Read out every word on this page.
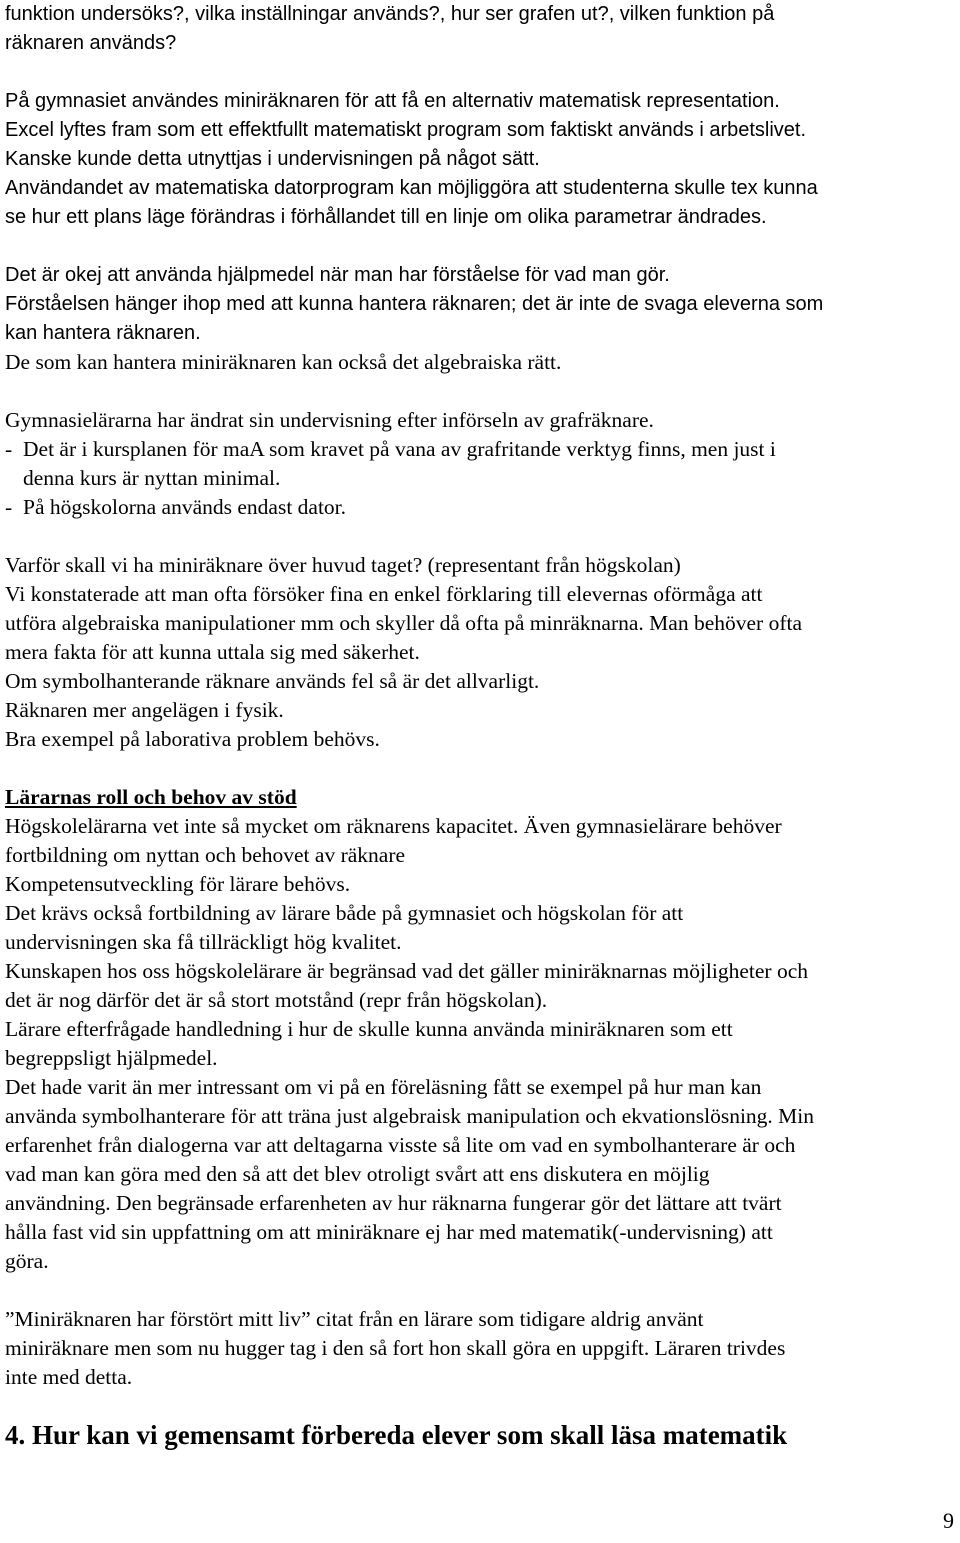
funktion undersöks?, vilka inställningar används?, hur ser grafen ut?, vilken funktion på

räknaren används?

På gymnasiet användes miniräknaren för att få en alternativ matematisk representation.

Excel lyftes fram som ett effektfullt matematiskt program som faktiskt används i arbetslivet.

Kanske kunde detta utnyttjas i undervisningen på något sätt.

Användandet av matematiska datorprogram kan möjliggöra att studenterna skulle tex kunna

se hur ett plans läge förändras i förhållandet till en linje om olika parametrar ändrades.

Det är okej att använda hjälpmedel när man har förståelse för vad man gör.

Förståelsen hänger ihop med att kunna hantera räknaren; det är inte de svaga eleverna som

kan hantera räknaren.

De som kan hantera miniräknaren kan också det algebraiska rätt.

Gymnasielärarna har ändrat sin undervisning efter införseln av grafräknare.

- Det är i kursplanen för maA som kravet på vana av grafritande verktyg finns, men just i

denna kurs är nyttan minimal.

- På högskolorna används endast dator.

Varför skall vi ha miniräknare över huvud taget? (representant från högskolan)

Vi konstaterade att man ofta försöker fina en enkel förklaring till elevernas oförmåga att

utföra algebraiska manipulationer mm och skyller då ofta på minräknarna. Man behöver ofta

mera fakta för att kunna uttala sig med säkerhet.

Om symbolhanterande räknare används fel så är det allvarligt.

Räknaren mer angelägen i fysik.

Bra exempel på laborativa problem behövs.

Lärarnas roll och behov av stöd

Högskolelärarna vet inte så mycket om räknarens kapacitet. Även gymnasielärare behöver

fortbildning om nyttan och behovet av räknare

Kompetensutveckling för lärare behövs.

Det krävs också fortbildning av lärare både på gymnasiet och högskolan för att

undervisningen ska få tillräckligt hög kvalitet.

Kunskapen hos oss högskolelärare är begränsad vad det gäller miniräknarnas möjligheter och

det är nog därför det är så stort motstånd (repr från högskolan).

Lärare efterfrågade handledning i hur de skulle kunna använda miniräknaren som ett

begreppsligt hjälpmedel.

Det hade varit än mer intressant om vi på en föreläsning fått se exempel på hur man kan

använda symbolhanterare för att träna just algebraisk manipulation och ekvationslösning. Min

erfarenhet från dialogerna var att deltagarna visste så lite om vad en symbolhanterare är och

vad man kan göra med den så att det blev otroligt svårt att ens diskutera en möjlig

användning. Den begränsade erfarenheten av hur räknarna fungerar gör det lättare att tvärt

hålla fast vid sin uppfattning om att miniräknare ej har med matematik(-undervisning) att

göra.

”Miniräknaren har förstört mitt liv” citat från en lärare som tidigare aldrig använt

miniräknare men som nu hugger tag i den så fort hon skall göra en uppgift. Läraren trivdes

inte med detta.

4. Hur kan vi gemensamt förbereda elever som skall läsa matematik

9
